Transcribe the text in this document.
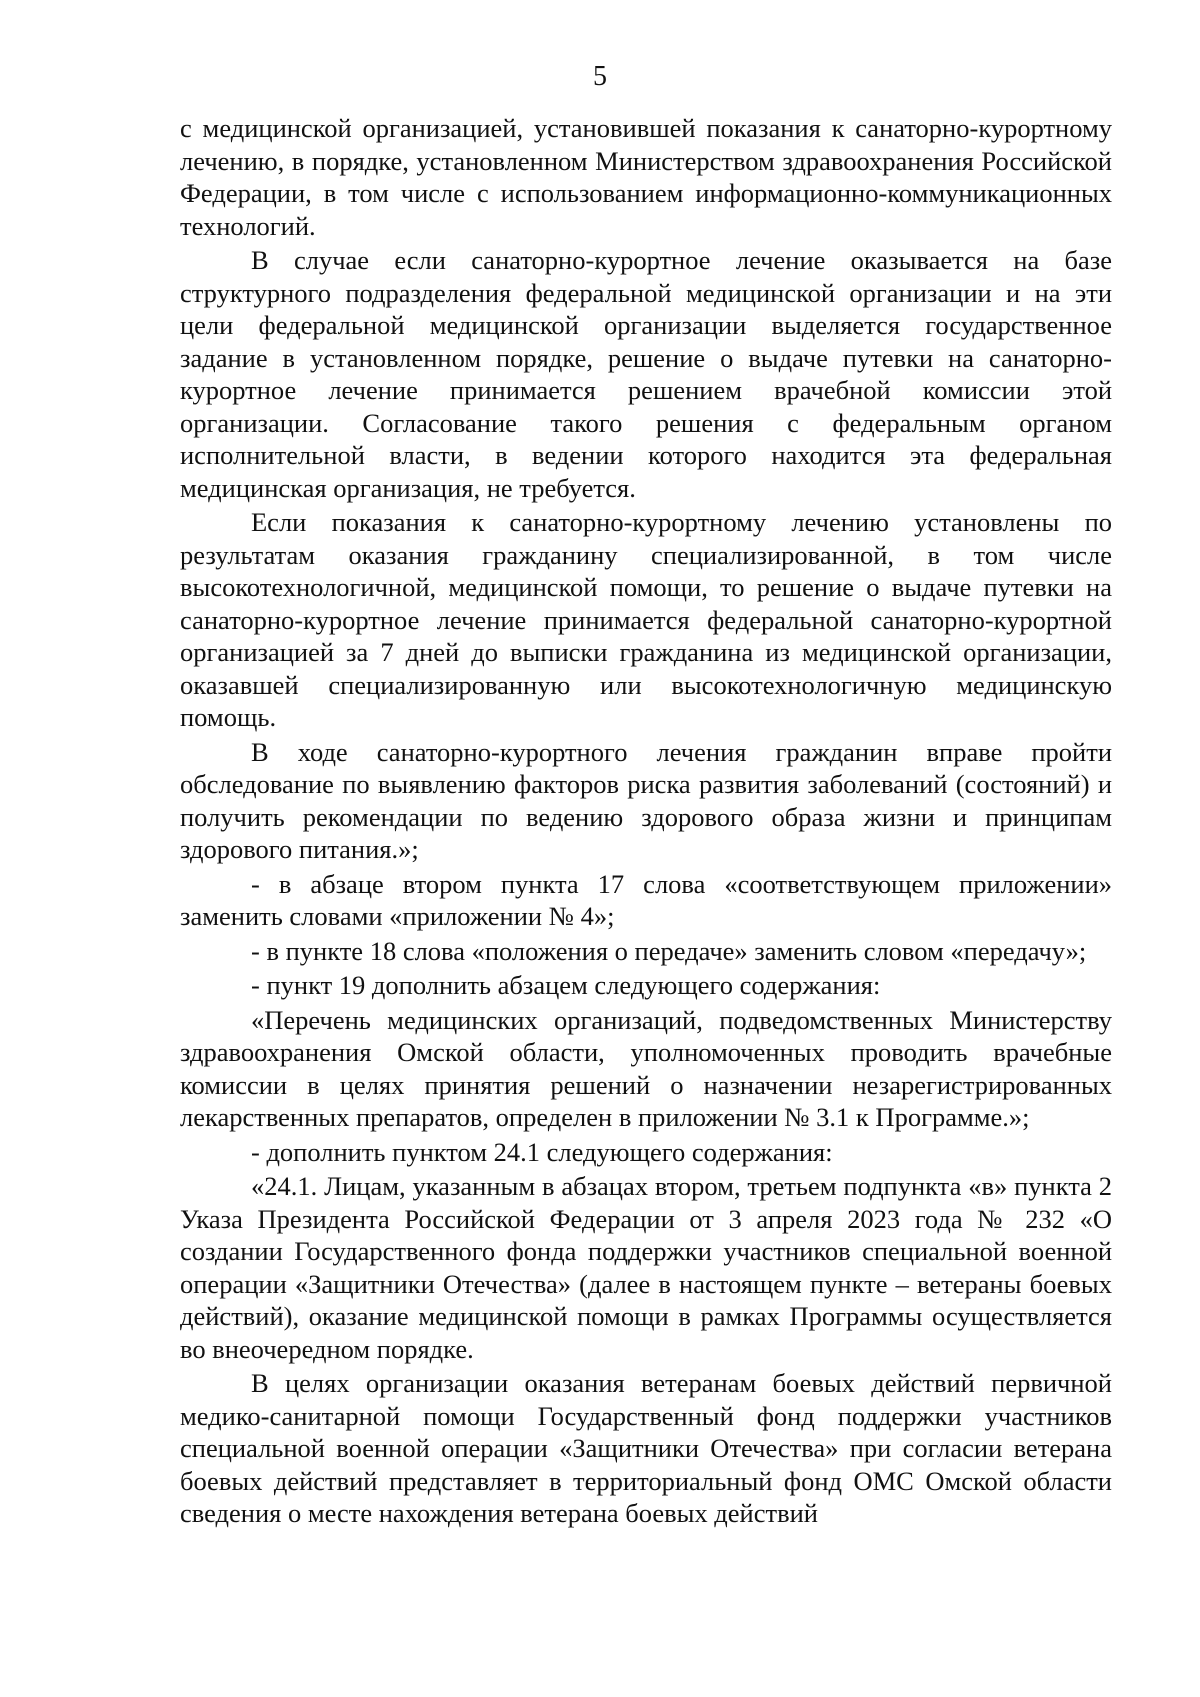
5

с медицинской организацией, установившей показания к санаторно-курортному лечению, в порядке, установленном Министерством здравоохранения Российской Федерации, в том числе с использованием информационно-коммуникационных технологий.

В случае если санаторно-курортное лечение оказывается на базе структурного подразделения федеральной медицинской организации и на эти цели федеральной медицинской организации выделяется государственное задание в установленном порядке, решение о выдаче путевки на санаторно-курортное лечение принимается решением врачебной комиссии этой организации. Согласование такого решения с федеральным органом исполнительной власти, в ведении которого находится эта федеральная медицинская организация, не требуется.

Если показания к санаторно-курортному лечению установлены по результатам оказания гражданину специализированной, в том числе высокотехнологичной, медицинской помощи, то решение о выдаче путевки на санаторно-курортное лечение принимается федеральной санаторно-курортной организацией за 7 дней до выписки гражданина из медицинской организации, оказавшей специализированную или высокотехнологичную медицинскую помощь.

В ходе санаторно-курортного лечения гражданин вправе пройти обследование по выявлению факторов риска развития заболеваний (состояний) и получить рекомендации по ведению здорового образа жизни и принципам здорового питания.»;

- в абзаце втором пункта 17 слова «соответствующем приложении» заменить словами «приложении № 4»;

- в пункте 18 слова «положения о передаче» заменить словом «передачу»;

- пункт 19 дополнить абзацем следующего содержания:

«Перечень медицинских организаций, подведомственных Министерству здравоохранения Омской области, уполномоченных проводить врачебные комиссии в целях принятия решений о назначении незарегистрированных лекарственных препаратов, определен в приложении № 3.1 к Программе.»;

- дополнить пунктом 24.1 следующего содержания:

«24.1. Лицам, указанным в абзацах втором, третьем подпункта «в» пункта 2 Указа Президента Российской Федерации от 3 апреля 2023 года № 232 «О создании Государственного фонда поддержки участников специальной военной операции «Защитники Отечества» (далее в настоящем пункте – ветераны боевых действий), оказание медицинской помощи в рамках Программы осуществляется во внеочередном порядке.

В целях организации оказания ветеранам боевых действий первичной медико-санитарной помощи Государственный фонд поддержки участников специальной военной операции «Защитники Отечества» при согласии ветерана боевых действий представляет в территориальный фонд ОМС Омской области сведения о месте нахождения ветерана боевых действий
